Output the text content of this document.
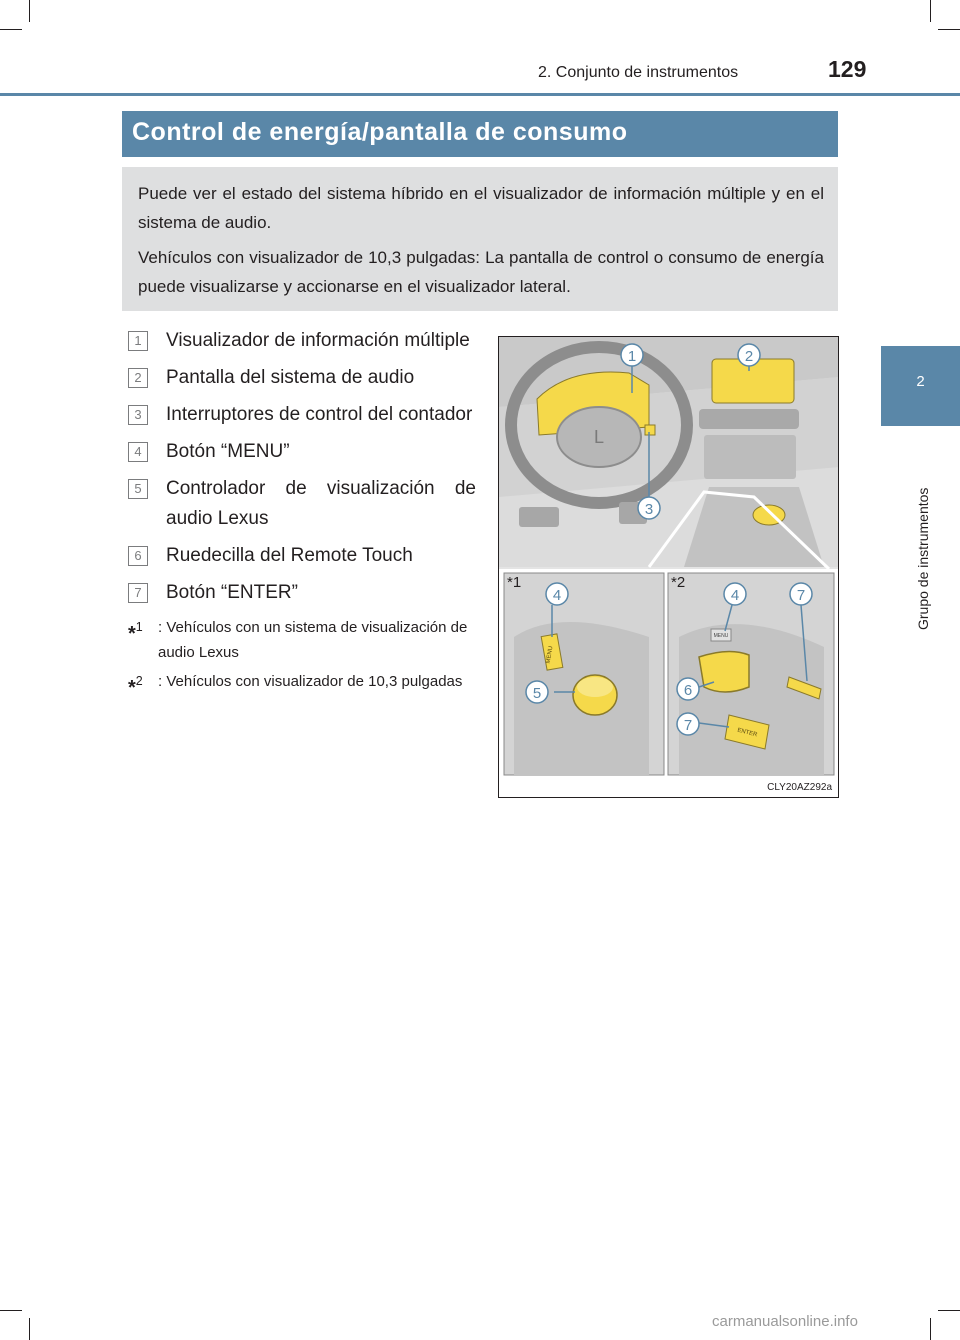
2. Conjunto de instrumentos	129
2
Grupo de instrumentos
Control de energía/pantalla de consumo

Puede ver el estado del sistema híbrido en el visualizador de información múltiple y en el sistema de audio.

Vehículos con visualizador de 10,3 pulgadas: La pantalla de control o consumo de energía puede visualizarse y accionarse en el visualizador lateral.

1	Visualizador de información múltiple
2	Pantalla del sistema de audio
3	Interruptores de control del contador
4	Botón “MENU”
5	Controlador de visualización de audio Lexus
6	Ruedecilla del Remote Touch
7	Botón “ENTER”
*$^1$ : Vehículos con un sistema de visualización de audio Lexus
*$^2$ : Vehículos con visualizador de 10,3 pulgadas
L
MENU
MENU
ENTER
*1	*2
1	2
3
4
5
4	7
6
7
CLY20AZ292a
carmanualsonline.info
